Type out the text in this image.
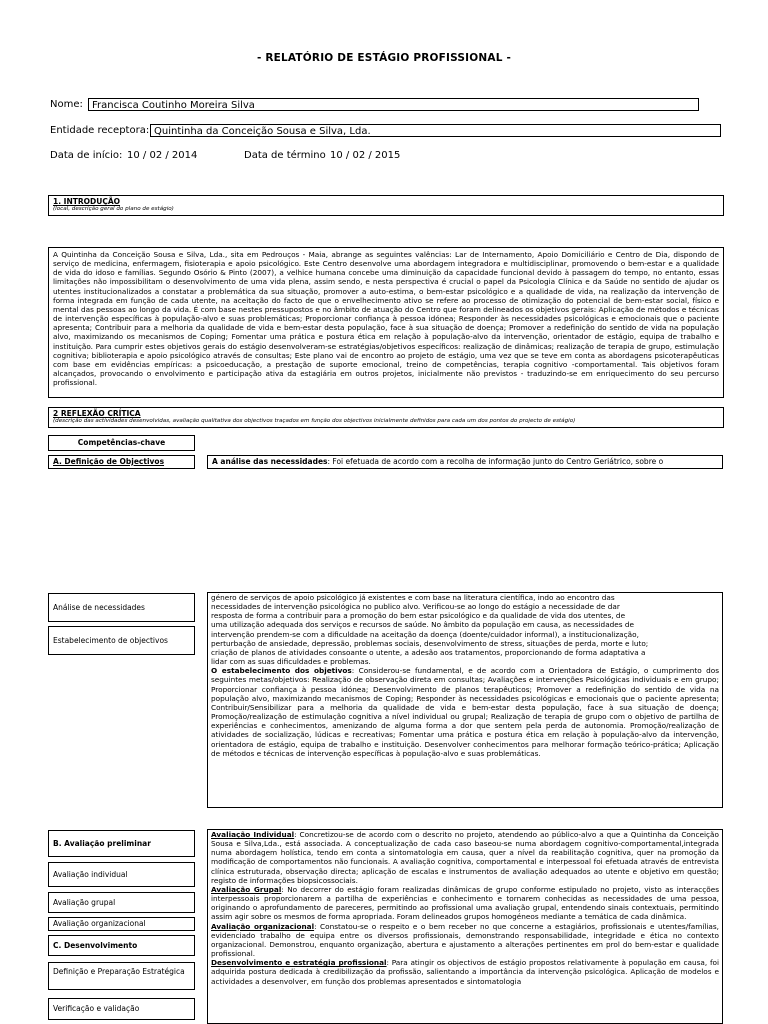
- RELATÓRIO DE ESTÁGIO PROFISSIONAL -
Nome: Francisca Coutinho Moreira Silva
Entidade receptora: Quintinha da Conceição Sousa e Silva, Lda.
Data de início: 10 / 02 / 2014	Data de término 10 / 02 / 2015
1. INTRODUÇÃO
(local, descrição geral do plano de estágio)
A Quintinha da Conceição Sousa e Silva, Lda., sita em Pedrouços - Maia, abrange as seguintes valências: Lar de Internamento, Apoio Domiciliário e Centro de Dia, dispondo de serviço de medicina, enfermagem, fisioterapia e apoio psicológico. Este Centro desenvolve uma abordagem integradora e multidisciplinar, promovendo o bem-estar e a qualidade de vida do idoso e famílias. Segundo Osório & Pinto (2007), a velhice humana concebe uma diminuição da capacidade funcional devido à passagem do tempo, no entanto, essas limitações não impossibilitam o desenvolvimento de uma vida plena, assim sendo, e nesta perspectiva é crucial o papel da Psicologia Clínica e da Saúde no sentido de ajudar os utentes institucionalizados a constatar a problemática da sua situação, promover a auto-estima, o bem-estar psicológico e a qualidade de vida, na realização da intervenção de forma integrada em função de cada utente, na aceitação do facto de que o envelhecimento ativo se refere ao processo de otimização do potencial de bem-estar social, físico e mental das pessoas ao longo da vida. É com base nestes pressupostos e no âmbito de atuação do Centro que foram delineados os objetivos gerais: Aplicação de métodos e técnicas de intervenção específicas à população-alvo e suas problemáticas; Proporcionar confiança à pessoa idónea; Responder às necessidades psicológicas e emocionais que o paciente apresenta; Contribuir para a melhoria da qualidade de vida e bem-estar desta população, face à sua situação de doença; Promover a redefinição do sentido de vida na população alvo, maximizando os mecanismos de Coping; Fomentar uma prática e postura ética em relação à população-alvo da intervenção, orientador de estágio, equipa de trabalho e instituição. Para cumprir estes objetivos gerais do estágio desenvolveram-se estratégias/objetivos específicos: realização de dinâmicas; realização de terapia de grupo, estimulação cognitiva; biblioterapia e apoio psicológico através de consultas; Este plano vai de encontro ao projeto de estágio, uma vez que se teve em conta as abordagens psicoterapêuticas com base em evidências empíricas: a psicoeducação, a prestação de suporte emocional, treino de competências, terapia cognitivo -comportamental. Tais objetivos foram alcançados, provocando o envolvimento e participação ativa da estagiária em outros projetos, inicialmente não previstos - traduzindo-se em enriquecimento do seu percurso profissional.
2 REFLEXÃO CRÍTICA
(descrição das actividades desenvolvidas, avaliação qualitativa dos objectivos traçados em função dos objectivos inicialmente definidos para cada um dos pontos do projecto de estágio)
Competências-chave
A. Definição de Objectivos	A análise das necessidades: Foi efetuada de acordo com a recolha de informação junto do Centro Geriátrico, sobre o
Análise de necessidades
Estabelecimento de objectivos
género de serviços de apoio psicológico já existentes e com base na literatura científica, indo ao encontro das
necessidades de intervenção psicológica no publico alvo. Verificou-se ao longo do estágio a necessidade de dar
resposta de forma a contribuir para a promoção do bem estar psicológico e da qualidade de vida dos utentes, de
uma utilização adequada dos serviços e recursos de saúde. No âmbito da população em causa, as necessidades de
intervenção prendem-se com a dificuldade na aceitação da doença (doente/cuidador informal), a institucionalização,
perturbação de ansiedade, depressão, problemas sociais, desenvolvimento de stress, situações de perda, morte e luto;
criação de planos de atividades consoante o utente, a adesão aos tratamentos, proporcionando de forma adaptativa a
lidar com as suas dificuldades e problemas.
O estabelecimento dos objetivos: Considerou-se fundamental, e de acordo com a Orientadora de Estágio, o cumprimento dos seguintes metas/objetivos: Realização de observação direta em consultas; Avaliações e intervenções Psicológicas individuais e em grupo; Proporcionar confiança à pessoa idónea; Desenvolvimento de planos terapêuticos; Promover a redefinição do sentido de vida na população alvo, maximizando mecanismos de Coping; Responder às necessidades psicológicas e emocionais que o paciente apresenta; Contribuir/Sensibilizar para a melhoria da qualidade de vida e bem-estar desta população, face à sua situação de doença; Promoção/realização de estimulação cognitiva a nível individual ou grupal; Realização de terapia de grupo com o objetivo de partilha de experiências e conhecimentos, amenizando de alguma forma a dor que sentem pela perda de autonomia. Promoção/realização de atividades de socialização, lúdicas e recreativas; Fomentar uma prática e postura ética em relação à população-alvo da intervenção, orientadora de estágio, equipa de trabalho e instituição. Desenvolver conhecimentos para melhorar formação teórico-prática; Aplicação de métodos e técnicas de intervenção específicas à população-alvo e suas problemáticas.
B. Avaliação preliminar
Avaliação individual
Avaliação grupal
Avaliação organizacional
C. Desenvolvimento
Definição e Preparação Estratégica
Verificação e validação
Avaliação Individual: Concretizou-se de acordo com o descrito no projeto, atendendo ao público-alvo a que a Quintinha da Conceição Sousa e Silva,Lda., está associada. A conceptualização de cada caso baseou-se numa abordagem cognitivo-comportamental,integrada numa abordagem holística, tendo em conta a sintomatologia em causa, quer a nível da reabilitação cognitiva, quer na promoção da modificação de comportamentos não funcionais. A avaliação cognitiva, comportamental e interpessoal foi efetuada através de entrevista clínica estruturada, observação directa; aplicação de escalas e instrumentos de avaliação adequados ao utente e objetivo em questão; registo de informações biopsicossociais.
Avaliação Grupal: No decorrer do estágio foram realizadas dinâmicas de grupo conforme estipulado no projeto, visto as interacções interpessoais proporcionarem a partilha de experiências e conhecimento e tornarem conhecidas as necessidades de uma pessoa, originando o aprofundamento de pareceres, permitindo ao profissional uma avaliação grupal, entendendo sinais contextuais, permitindo assim agir sobre os mesmos de forma apropriada. Foram delineados grupos homogéneos mediante a temática de cada dinâmica.
Avaliação organizacional: Constatou-se o respeito e o bem receber no que concerne a estagiários, profissionais e utentes/famílias, evidenciado trabalho de equipa entre os diversos profissionais, demonstrando responsabilidade, integridade e ética no contexto organizacional. Demonstrou, enquanto organização, abertura e ajustamento a alterações pertinentes em prol do bem-estar e qualidade profissional.
Desenvolvimento e estratégia profissional: Para atingir os objectivos de estágio propostos relativamente à população em causa, foi adquirida postura dedicada à credibilização da profissão, salientando a importância da intervenção psicológica. Aplicação de modelos e actividades a desenvolver, em função dos problemas apresentados e sintomatologia
